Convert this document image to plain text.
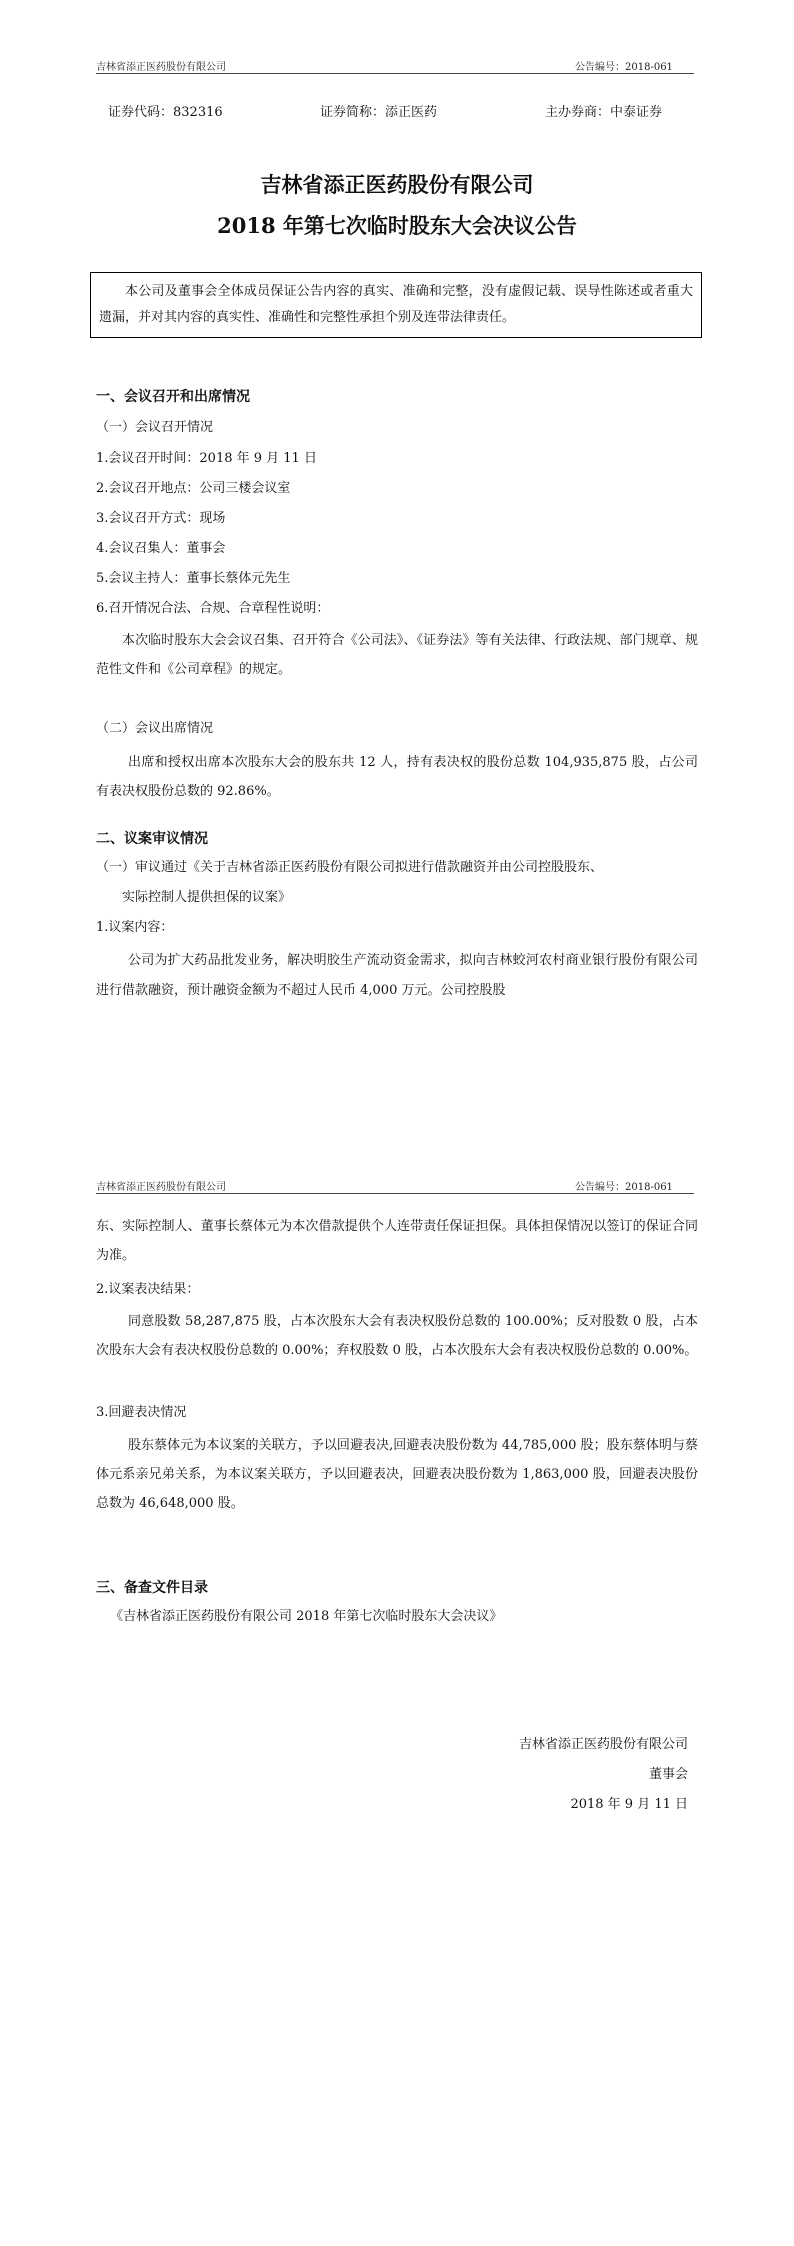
吉林省添正医药股份有限公司	公告编号：2018-061
证券代码：832316	证券简称：添正医药	主办券商：中泰证券
吉林省添正医药股份有限公司
2018 年第七次临时股东大会决议公告
本公司及董事会全体成员保证公告内容的真实、准确和完整，没有虚假记载、误导性陈述或者重大遗漏，并对其内容的真实性、准确性和完整性承担个别及连带法律责任。
一、会议召开和出席情况
（一）会议召开情况
1.会议召开时间：2018 年 9 月 11 日
2.会议召开地点：公司三楼会议室
3.会议召开方式：现场
4.会议召集人：董事会
5.会议主持人：董事长蔡体元先生
6.召开情况合法、合规、合章程性说明：
本次临时股东大会会议召集、召开符合《公司法》、《证券法》等有关法律、行政法规、部门规章、规范性文件和《公司章程》的规定。
（二）会议出席情况
出席和授权出席本次股东大会的股东共 12 人，持有表决权的股份总数 104,935,875 股，占公司有表决权股份总数的 92.86%。
二、议案审议情况
（一）审议通过《关于吉林省添正医药股份有限公司拟进行借款融资并由公司控股股东、
实际控制人提供担保的议案》
1.议案内容：
公司为扩大药品批发业务，解决明胶生产流动资金需求，拟向吉林蛟河农村商业银行股份有限公司进行借款融资，预计融资金额为不超过人民币 4,000 万元。公司控股股
吉林省添正医药股份有限公司	公告编号：2018-061
东、实际控制人、董事长蔡体元为本次借款提供个人连带责任保证担保。具体担保情况以签订的保证合同为准。
2.议案表决结果：
同意股数 58,287,875 股，占本次股东大会有表决权股份总数的 100.00%；反对股数 0 股，占本次股东大会有表决权股份总数的 0.00%；弃权股数 0 股，占本次股东大会有表决权股份总数的 0.00%。
3.回避表决情况
股东蔡体元为本议案的关联方，予以回避表决,回避表决股份数为 44,785,000 股；股东蔡体明与蔡体元系亲兄弟关系，为本议案关联方，予以回避表决，回避表决股份数为 1,863,000 股，回避表决股份总数为 46,648,000 股。
三、备查文件目录
《吉林省添正医药股份有限公司 2018 年第七次临时股东大会决议》
吉林省添正医药股份有限公司
董事会
2018 年 9 月 11 日
